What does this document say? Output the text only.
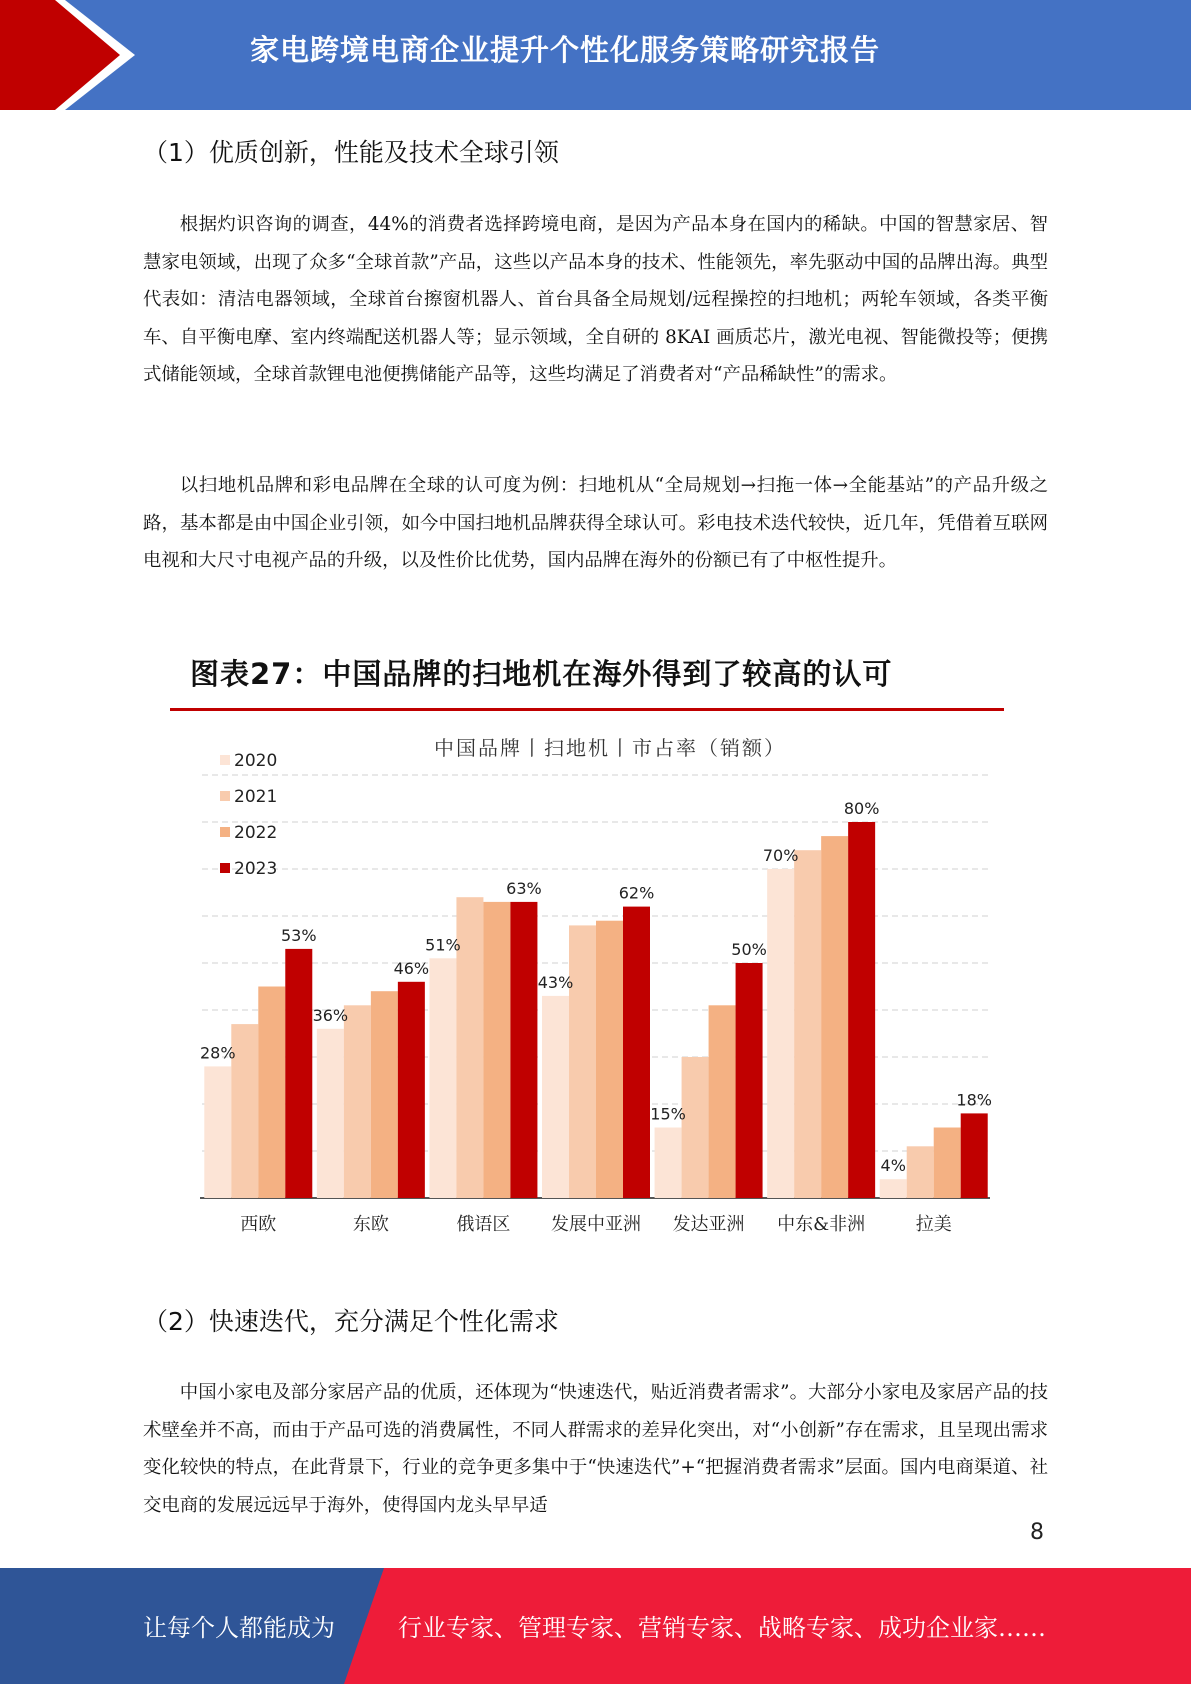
家电跨境电商企业提升个性化服务策略研究报告
（1）优质创新，性能及技术全球引领

根据灼识咨询的调查，44%的消费者选择跨境电商，是因为产品本身在国内的稀缺。中国的智慧家居、智慧家电领域，出现了众多“全球首款”产品，这些以产品本身的技术、性能领先，率先驱动中国的品牌出海。典型代表如：清洁电器领域，全球首台擦窗机器人、首台具备全局规划/远程操控的扫地机；两轮车领域，各类平衡车、自平衡电摩、室内终端配送机器人等；显示领域，全自研的 8KAI 画质芯片，激光电视、智能微投等；便携式储能领域，全球首款锂电池便携储能产品等，这些均满足了消费者对“产品稀缺性”的需求。

以扫地机品牌和彩电品牌在全球的认可度为例：扫地机从“全局规划→扫拖一体→全能基站”的产品升级之路，基本都是由中国企业引领，如今中国扫地机品牌获得全球认可。彩电技术迭代较快，近几年，凭借着互联网电视和大尺寸电视产品的升级，以及性价比优势，国内品牌在海外的份额已有了中枢性提升。

图表27：中国品牌的扫地机在海外得到了较高的认可
中国品牌丨扫地机丨市占率（销额）
28%
53%
36%
46%
51%
63%
43%
62%
15%
50%
70%
80%
4%
18%
西欧	东欧	俄语区 发展中亚洲 发达亚洲 中东&非洲	拉美
2020
2021
2022
2023
（2）快速迭代，充分满足个性化需求

中国小家电及部分家居产品的优质，还体现为“快速迭代，贴近消费者需求”。大部分小家电及家居产品的技术壁垒并不高，而由于产品可选的消费属性，不同人群需求的差异化突出，对“小创新”存在需求，且呈现出需求变化较快的特点，在此背景下，行业的竞争更多集中于“快速迭代”+“把握消费者需求”层面。国内电商渠道、社交电商的发展远远早于海外，使得国内龙头早早适

8
让每个人都能成为	行业专家、管理专家、营销专家、战略专家、成功企业家……
